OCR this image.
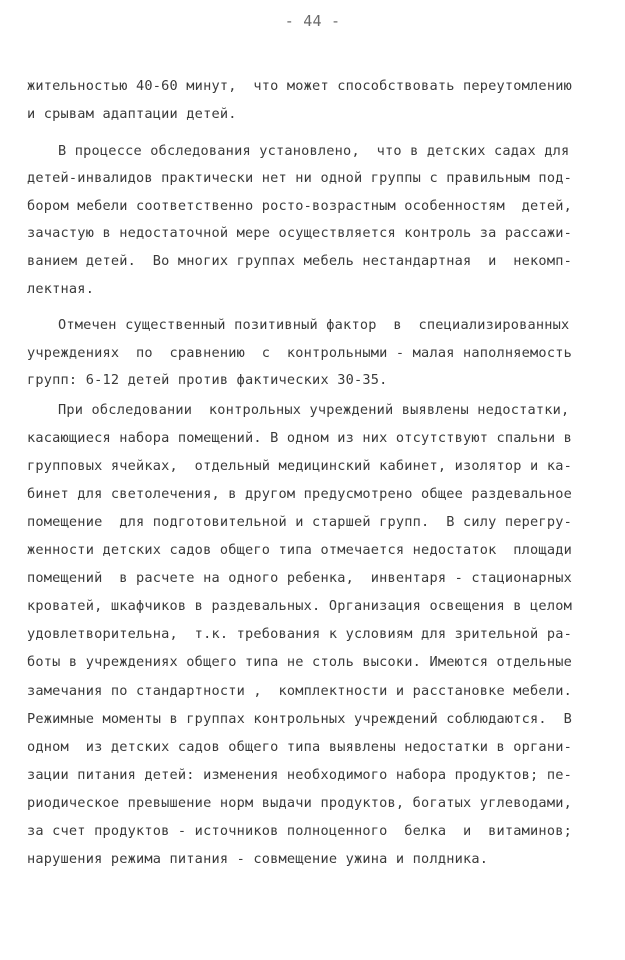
- 44 -
жительностью 40-60 минут,  что может способствовать переутомлению
и срывам адаптации детей.
В процессе обследования установлено,  что в детских садах для
детей-инвалидов практически нет ни одной группы с правильным под-
бором мебели соответственно росто-возрастным особенностям  детей,
зачастую в недостаточной мере осуществляется контроль за рассажи-
ванием детей.  Во многих группах мебель нестандартная  и  некомп-
лектная.
Отмечен существенный позитивный фактор  в  специализированных
учреждениях  по  сравнению  с  контрольными - малая наполняемость
групп: 6-12 детей против фактических 30-35.
При обследовании  контрольных учреждений выявлены недостатки,
касающиеся набора помещений. В одном из них отсутствуют спальни в
групповых ячейках,  отдельный медицинский кабинет, изолятор и ка-
бинет для светолечения, в другом предусмотрено общее раздевальное
помещение  для подготовительной и старшей групп.  В силу перегру-
женности детских садов общего типа отмечается недостаток  площади
помещений  в расчете на одного ребенка,  инвентаря - стационарных
кроватей, шкафчиков в раздевальных. Организация освещения в целом
удовлетворительна,  т.к. требования к условиям для зрительной ра-
боты в учреждениях общего типа не столь высоки. Имеются отдельные
замечания по стандартности ,  комплектности и расстановке мебели.
Режимные моменты в группах контрольных учреждений соблюдаются.  В
одном  из детских садов общего типа выявлены недостатки в органи-
зации питания детей: изменения необходимого набора продуктов; пе-
риодическое превышение норм выдачи продуктов, богатых углеводами,
за счет продуктов - источников полноценного  белка  и  витаминов;
нарушения режима питания - совмещение ужина и полдника.
